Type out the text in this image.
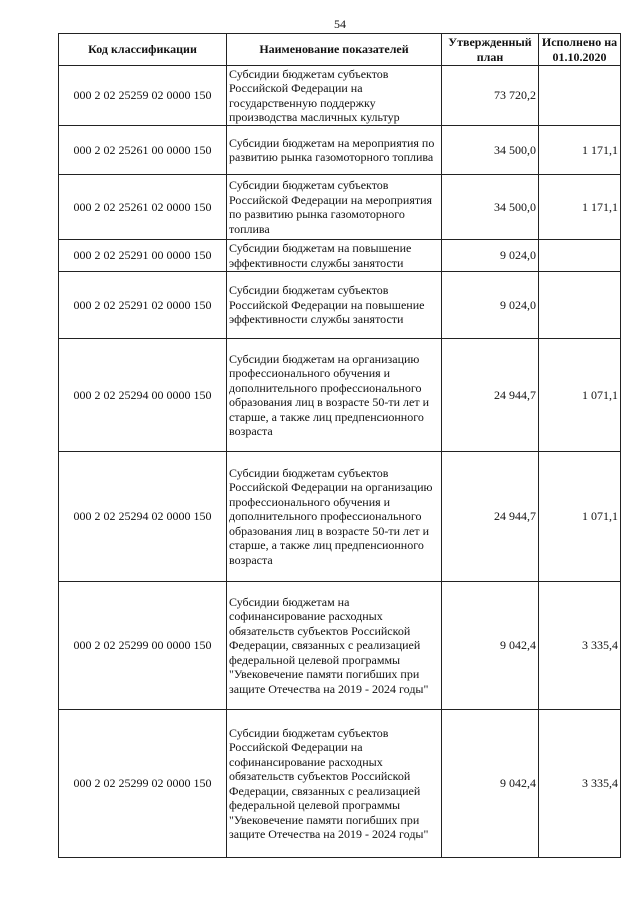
54
Код классификации	Наименование показателей	Утвержденный план	Исполнено на 01.10.2020
000 2 02 25259 02 0000 150	Субсидии бюджетам субъектов Российской Федерации на государственную поддержку производства масличных культур	73 720,2	
000 2 02 25261 00 0000 150	Субсидии бюджетам на мероприятия по развитию рынка газомоторного топлива	34 500,0	1 171,1
000 2 02 25261 02 0000 150	Субсидии бюджетам субъектов Российской Федерации на мероприятия по развитию рынка газомоторного топлива	34 500,0	1 171,1
000 2 02 25291 00 0000 150	Субсидии бюджетам на повышение эффективности службы занятости	9 024,0	
000 2 02 25291 02 0000 150	Субсидии бюджетам субъектов Российской Федерации на повышение эффективности службы занятости	9 024,0	
000 2 02 25294 00 0000 150	Субсидии бюджетам на организацию профессионального обучения и дополнительного профессионального образования лиц в возрасте 50-ти лет и старше, а также лиц предпенсионного возраста	24 944,7	1 071,1
000 2 02 25294 02 0000 150	Субсидии бюджетам субъектов Российской Федерации на организацию профессионального обучения и дополнительного профессионального образования лиц в возрасте 50-ти лет и старше, а также лиц предпенсионного возраста	24 944,7	1 071,1
000 2 02 25299 00 0000 150	Субсидии бюджетам на софинансирование расходных обязательств субъектов Российской Федерации, связанных с реализацией федеральной целевой программы "Увековечение памяти погибших при защите Отечества на 2019 - 2024 годы"	9 042,4	3 335,4
000 2 02 25299 02 0000 150	Субсидии бюджетам субъектов Российской Федерации на софинансирование расходных обязательств субъектов Российской Федерации, связанных с реализацией федеральной целевой программы "Увековечение памяти погибших при защите Отечества на 2019 - 2024 годы"	9 042,4	3 335,4
